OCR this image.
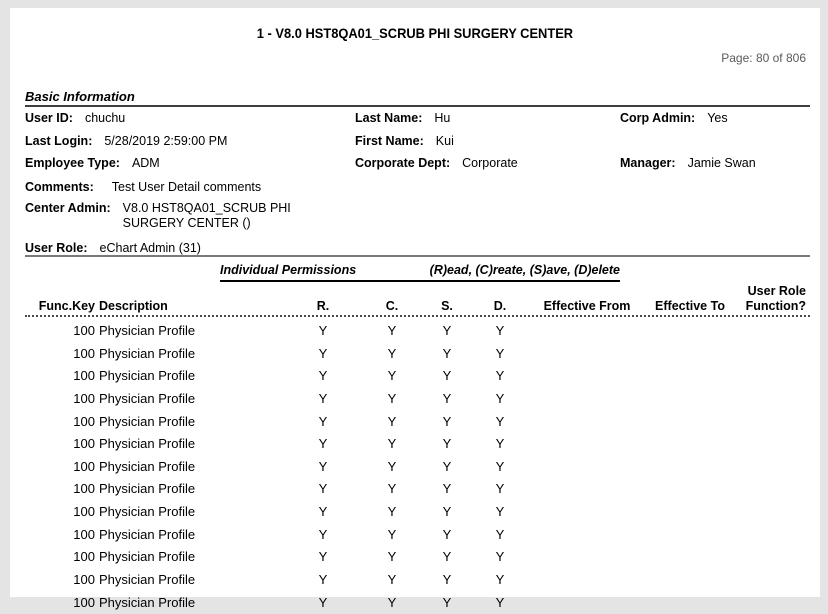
1 - V8.0 HST8QA01_SCRUB PHI SURGERY CENTER
Page: 80 of 806
Basic Information
User ID: chuchu	Last Name: Hu	Corp Admin: Yes
Last Login: 5/28/2019 2:59:00 PM	First Name: Kui
Employee Type: ADM	Corporate Dept: Corporate	Manager: Jamie Swan
Comments: Test User Detail comments
Center Admin: V8.0 HST8QA01_SCRUB PHI SURGERY CENTER ()
User Role: eChart Admin (31)
Individual Permissions	(R)ead, (C)reate, (S)ave, (D)elete
User Role
Func.Key Description	R.	C.	S.	D.	Effective From	Effective To	Function?
100 Physician Profile	Y	Y	Y	Y
100 Physician Profile	Y	Y	Y	Y
100 Physician Profile	Y	Y	Y	Y
100 Physician Profile	Y	Y	Y	Y
100 Physician Profile	Y	Y	Y	Y
100 Physician Profile	Y	Y	Y	Y
100 Physician Profile	Y	Y	Y	Y
100 Physician Profile	Y	Y	Y	Y
100 Physician Profile	Y	Y	Y	Y
100 Physician Profile	Y	Y	Y	Y
100 Physician Profile	Y	Y	Y	Y
100 Physician Profile	Y	Y	Y	Y
100 Physician Profile	Y	Y	Y	Y
